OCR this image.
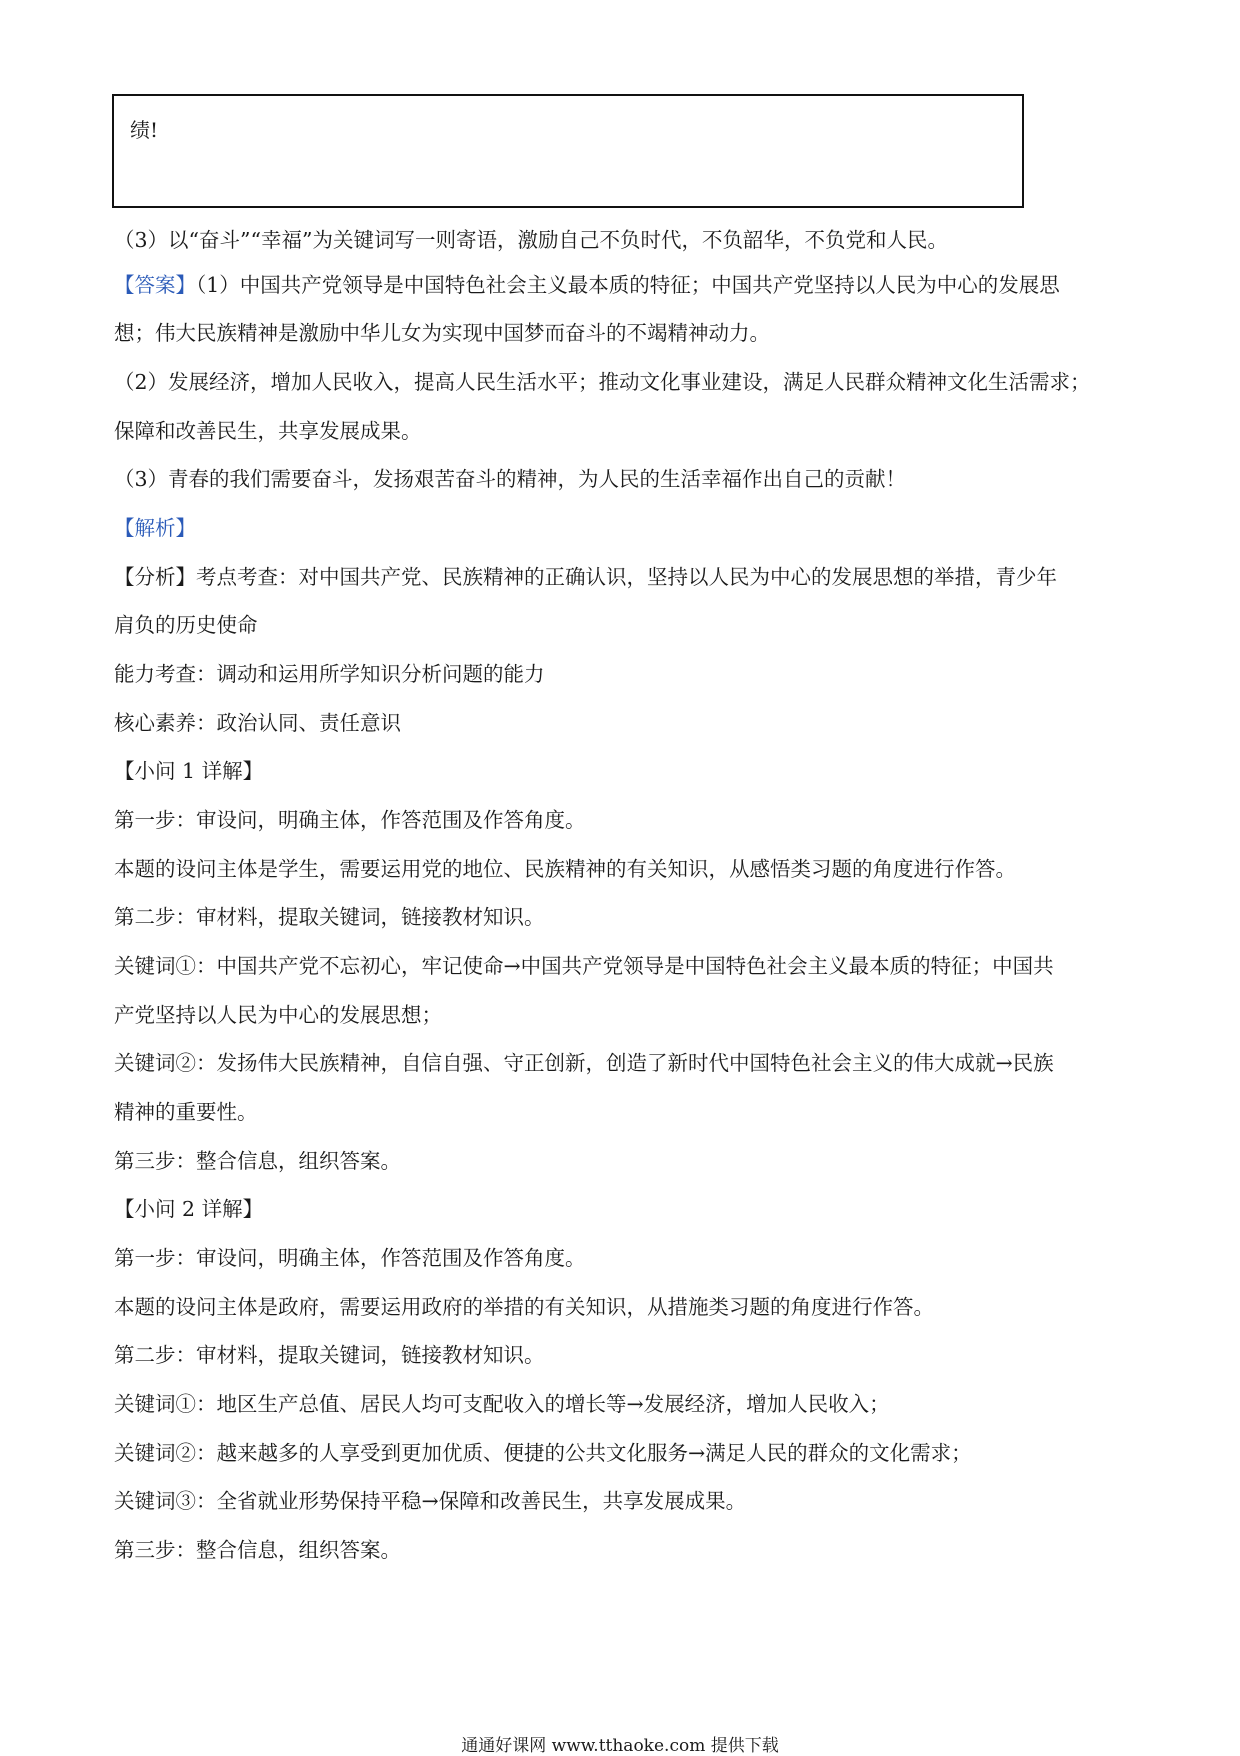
绩!
（3）以“奋斗”“幸福”为关键词写一则寄语，激励自己不负时代，不负韶华，不负党和人民。
【答案】（1）中国共产党领导是中国特色社会主义最本质的特征；中国共产党坚持以人民为中心的发展思
想；伟大民族精神是激励中华儿女为实现中国梦而奋斗的不竭精神动力。
（2）发展经济，增加人民收入，提高人民生活水平；推动文化事业建设，满足人民群众精神文化生活需求；
保障和改善民生，共享发展成果。
（3）青春的我们需要奋斗，发扬艰苦奋斗的精神，为人民的生活幸福作出自己的贡献！
【解析】
【分析】考点考查：对中国共产党、民族精神的正确认识，坚持以人民为中心的发展思想的举措，青少年
肩负的历史使命
能力考查：调动和运用所学知识分析问题的能力
核心素养：政治认同、责任意识
【小问 1 详解】
第一步：审设问，明确主体，作答范围及作答角度。
本题的设问主体是学生，需要运用党的地位、民族精神的有关知识，从感悟类习题的角度进行作答。
第二步：审材料，提取关键词，链接教材知识。
关键词①：中国共产党不忘初心，牢记使命→中国共产党领导是中国特色社会主义最本质的特征；中国共
产党坚持以人民为中心的发展思想；
关键词②：发扬伟大民族精神，自信自强、守正创新，创造了新时代中国特色社会主义的伟大成就→民族
精神的重要性。
第三步：整合信息，组织答案。
【小问 2 详解】
第一步：审设问，明确主体，作答范围及作答角度。
本题的设问主体是政府，需要运用政府的举措的有关知识，从措施类习题的角度进行作答。
第二步：审材料，提取关键词，链接教材知识。
关键词①：地区生产总值、居民人均可支配收入的增长等→发展经济，增加人民收入；
关键词②：越来越多的人享受到更加优质、便捷的公共文化服务→满足人民的群众的文化需求；
关键词③：全省就业形势保持平稳→保障和改善民生，共享发展成果。
第三步：整合信息，组织答案。
通通好课网 www.tthaoke.com 提供下载
